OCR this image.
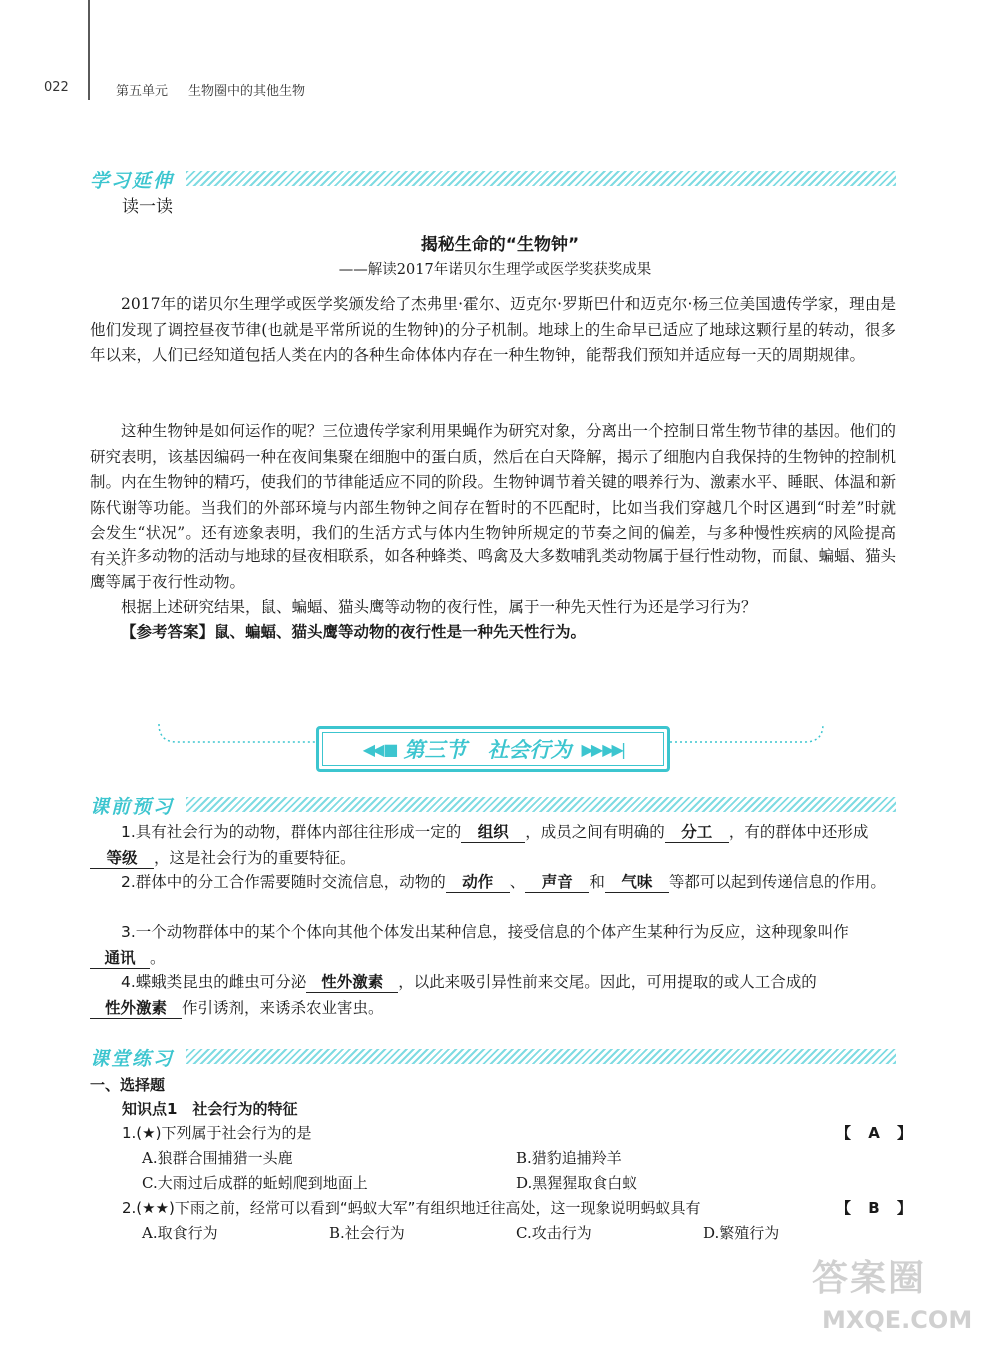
022	第五单元 生物圈中的其他生物
学习延伸
读一读
揭秘生命的“生物钟”
——解读2017年诺贝尔生理学或医学奖获奖成果

2017年的诺贝尔生理学或医学奖颁发给了杰弗里·霍尔、迈克尔·罗斯巴什和迈克尔·杨三位美国遗传学家，理由是他们发现了调控昼夜节律(也就是平常所说的生物钟)的分子机制。地球上的生命早已适应了地球这颗行星的转动，很多年以来，人们已经知道包括人类在内的各种生命体体内存在一种生物钟，能帮我们预知并适应每一天的周期规律。

这种生物钟是如何运作的呢？三位遗传学家利用果蝇作为研究对象，分离出一个控制日常生物节律的基因。他们的研究表明，该基因编码一种在夜间集聚在细胞中的蛋白质，然后在白天降解，揭示了细胞内自我保持的生物钟的控制机制。内在生物钟的精巧，使我们的节律能适应不同的阶段。生物钟调节着关键的喂养行为、激素水平、睡眠、体温和新陈代谢等功能。当我们的外部环境与内部生物钟之间存在暂时的不匹配时，比如当我们穿越几个时区遇到“时差”时就会发生“状况”。还有迹象表明，我们的生活方式与体内生物钟所规定的节奏之间的偏差，与多种慢性疾病的风险提高有关。

许多动物的活动与地球的昼夜相联系，如各种蜂类、鸣禽及大多数哺乳类动物属于昼行性动物，而鼠、蝙蝠、猫头鹰等属于夜行性动物。

根据上述研究结果，鼠、蝙蝠、猫头鹰等动物的夜行性，属于一种先天性行为还是学习行为？

【参考答案】鼠、蝙蝠、猫头鹰等动物的夜行性是一种先天性行为。

◀◀ ■ 第三节　社会行为 ▶▶ ▶▶|
课前预习

1.具有社会行为的动物，群体内部往往形成一定的 组织 ，成员之间有明确的 分工 ，有的群体中还形成等级 ，这是社会行为的重要特征。

2.群体中的分工合作需要随时交流信息，动物的 动作 、 声音 和 气味 等都可以起到传递信息的作用。

3.一个动物群体中的某个个体向其他个体发出某种信息，接受信息的个体产生某种行为反应，这种现象叫作通讯 。

4.蝶蛾类昆虫的雌虫可分泌 性外激素 ，以此来吸引异性前来交尾。因此，可用提取的或人工合成的性外激素 作引诱剂，来诱杀农业害虫。

课堂练习
一、选择题
知识点1　社会行为的特征
1.(★)下列属于社会行为的是	【 A 】
A.狼群合围捕猎一头鹿	B.猎豹追捕羚羊
C.大雨过后成群的蚯蚓爬到地面上	D.黑猩猩取食白蚁
2.(★★)下雨之前，经常可以看到“蚂蚁大军”有组织地迁往高处，这一现象说明蚂蚁具有	【 B 】
A.取食行为	B.社会行为	C.攻击行为	D.繁殖行为
答案圈
MXQE.COM
